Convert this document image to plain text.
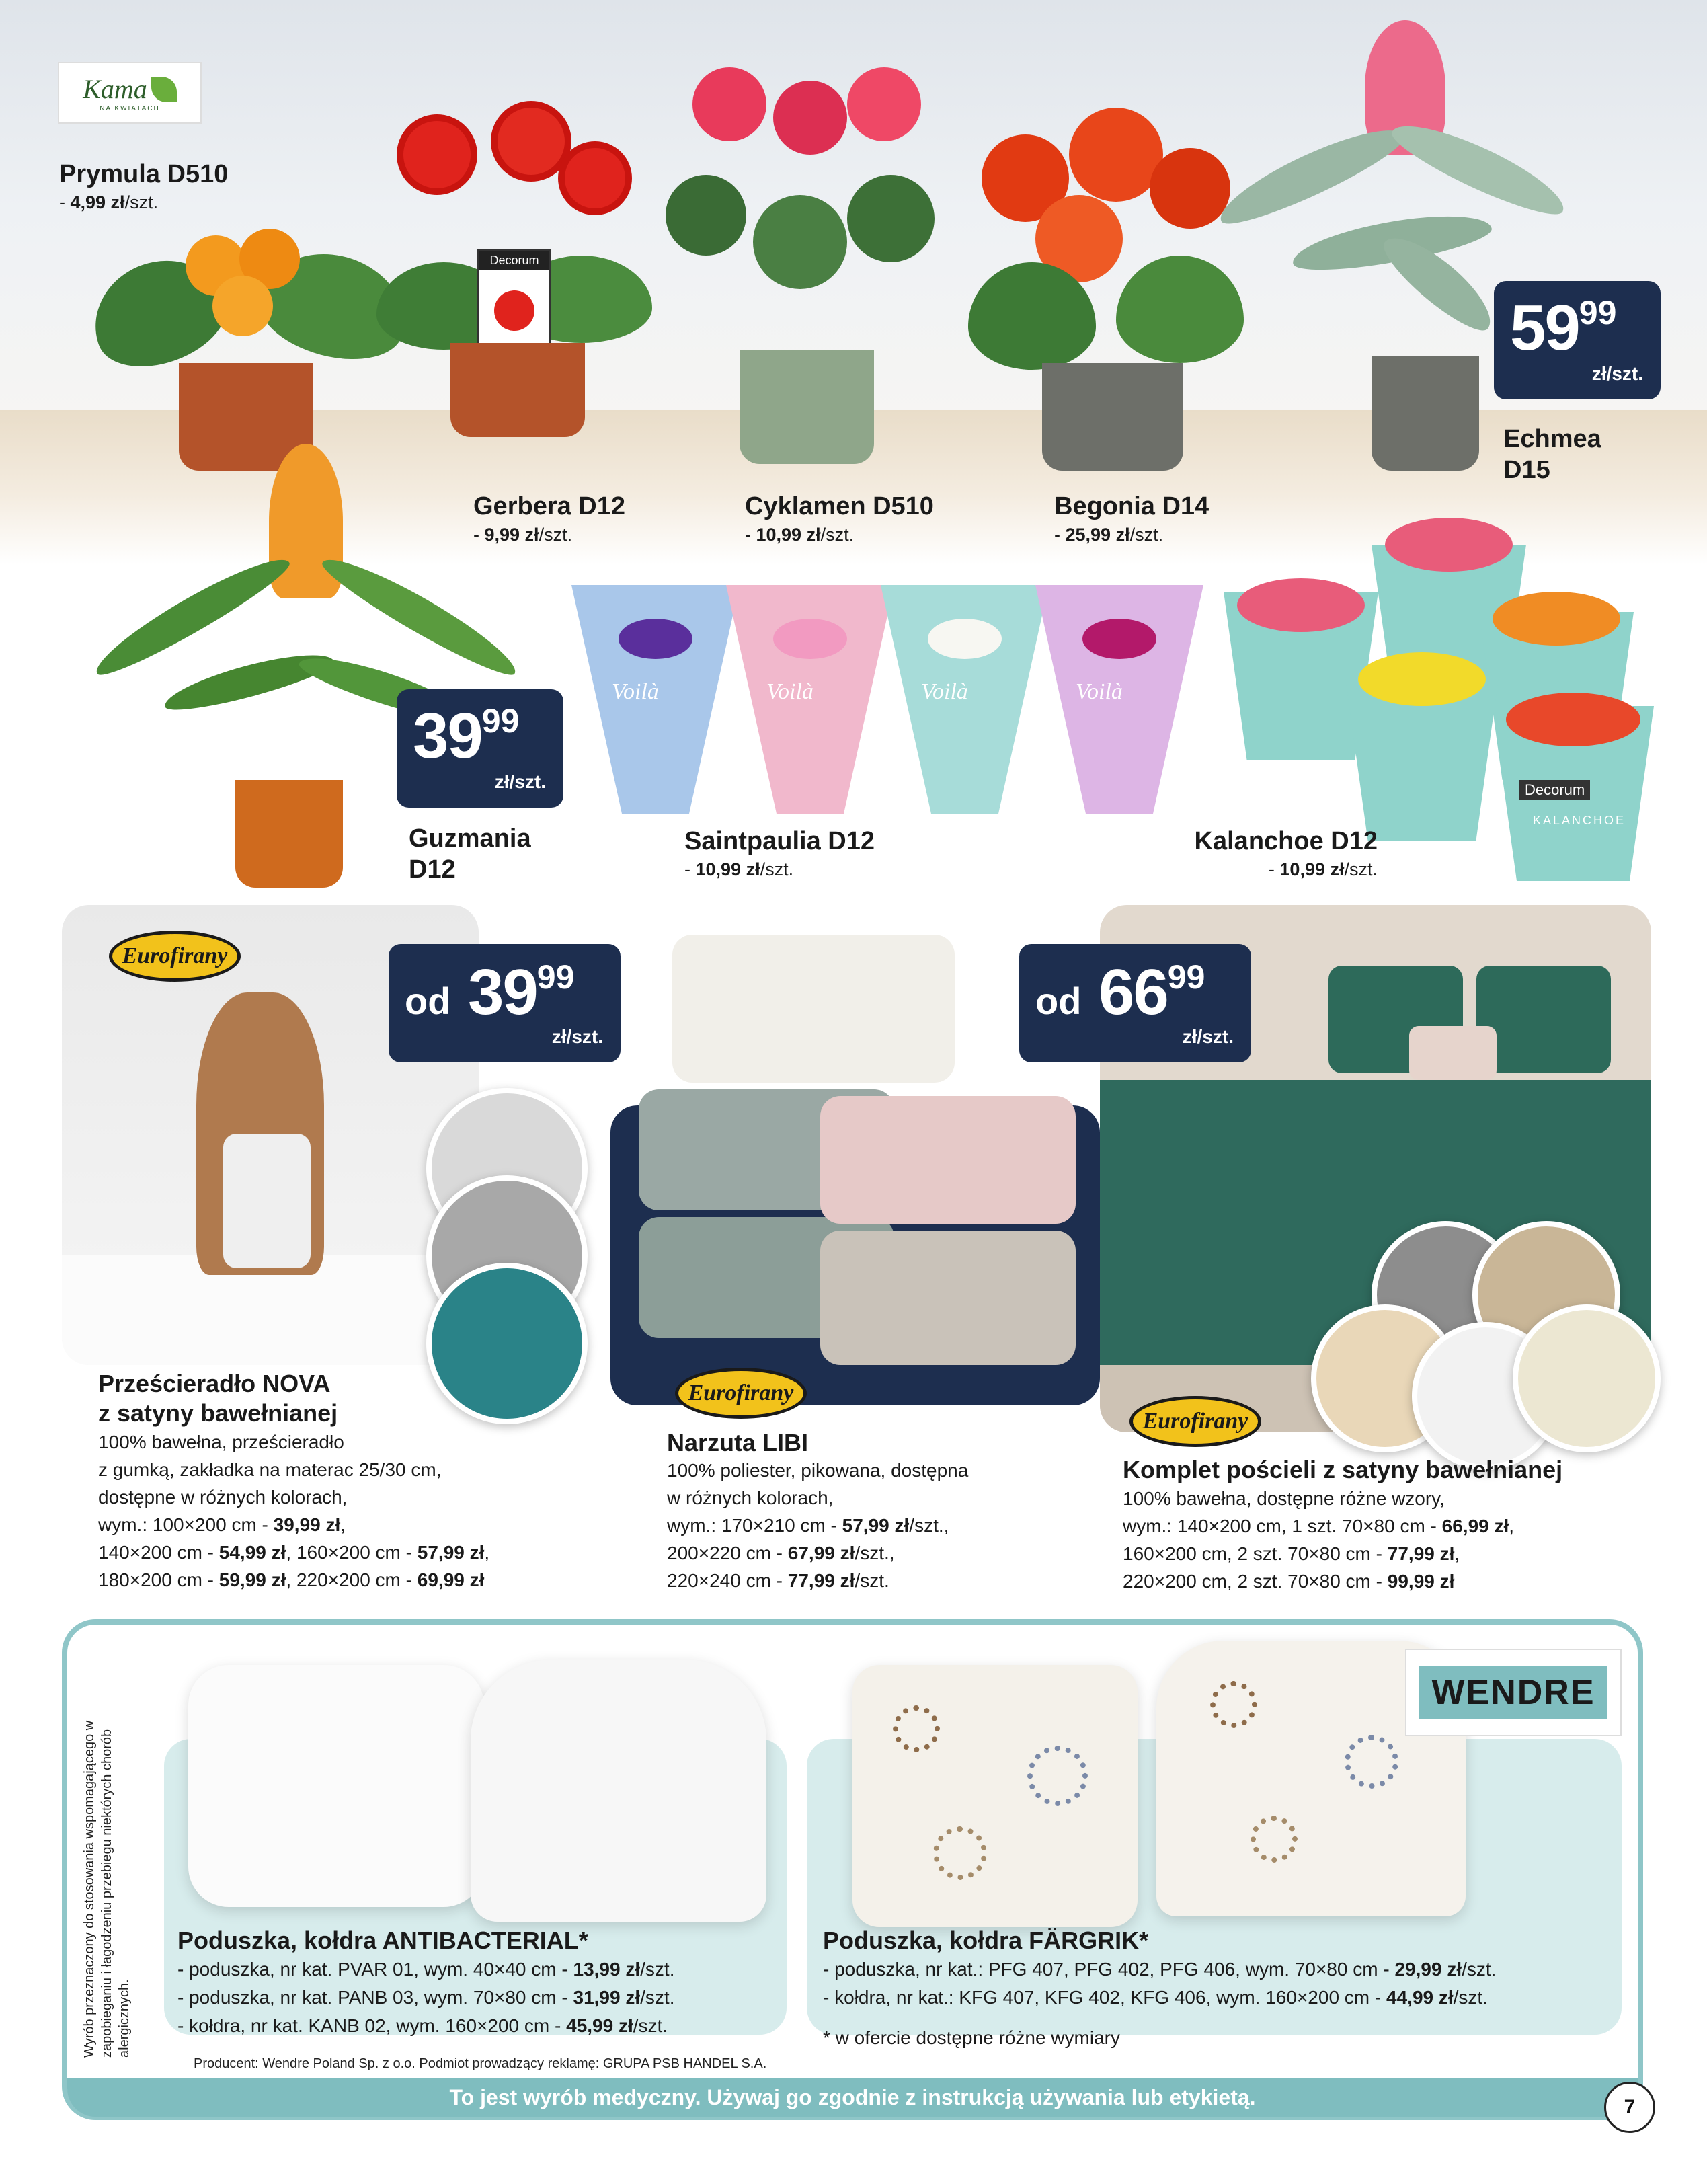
Kama
NA KWIATACH
Prymula D510
- 4,99 zł/szt.
Decorum
Gerbera D12
- 9,99 zł/szt.
Cyklamen D510
- 10,99 zł/szt.
Begonia D14
- 25,99 zł/szt.
5999
zł/szt.
Echmea
D15
3999
zł/szt.
Guzmania
D12
Voilà	Voilà	Voilà	Voilà
Saintpaulia D12
- 10,99 zł/szt.
Decorum
KALANCHOE
Kalanchoe D12
- 10,99 zł/szt.
Eurofirany
od 3999
zł/szt.
Prześcieradło NOVA
z satyny bawełnianej
100% bawełna, prześcieradło
z gumką, zakładka na materac 25/30 cm,
dostępne w różnych kolorach,
wym.: 100×200 cm - 39,99 zł,
140×200 cm - 54,99 zł, 160×200 cm - 57,99 zł,
180×200 cm - 59,99 zł, 220×200 cm - 69,99 zł
Eurofirany
Narzuta LIBI
100% poliester, pikowana, dostępna
w różnych kolorach,
wym.: 170×210 cm - 57,99 zł/szt.,
200×220 cm - 67,99 zł/szt.,
220×240 cm - 77,99 zł/szt.
od 6699
zł/szt.
Eurofirany
Komplet pościeli z satyny bawełnianej
100% bawełna, dostępne różne wzory,
wym.: 140×200 cm, 1 szt. 70×80 cm - 66,99 zł,
160×200 cm, 2 szt. 70×80 cm - 77,99 zł,
220×200 cm, 2 szt. 70×80 cm - 99,99 zł
Wyrób przeznaczony do stosowania wspomagającego w zapobieganiu i łagodzeniu przebiegu niektórych chorób alergicznych.
WENDRE
Poduszka, kołdra ANTIBACTERIAL*
- poduszka, nr kat. PVAR 01, wym. 40×40 cm - 13,99 zł/szt.
- poduszka, nr kat. PANB 03, wym. 70×80 cm - 31,99 zł/szt.
- kołdra, nr kat. KANB 02, wym. 160×200 cm - 45,99 zł/szt.
Poduszka, kołdra FÄRGRIK*
- poduszka, nr kat.: PFG 407, PFG 402, PFG 406, wym. 70×80 cm - 29,99 zł/szt.
- kołdra, nr kat.: KFG 407, KFG 402, KFG 406, wym. 160×200 cm - 44,99 zł/szt.
* w ofercie dostępne różne wymiary
Producent: Wendre Poland Sp. z o.o. Podmiot prowadzący reklamę: GRUPA PSB HANDEL S.A.
To jest wyrób medyczny. Używaj go zgodnie z instrukcją używania lub etykietą.	7
